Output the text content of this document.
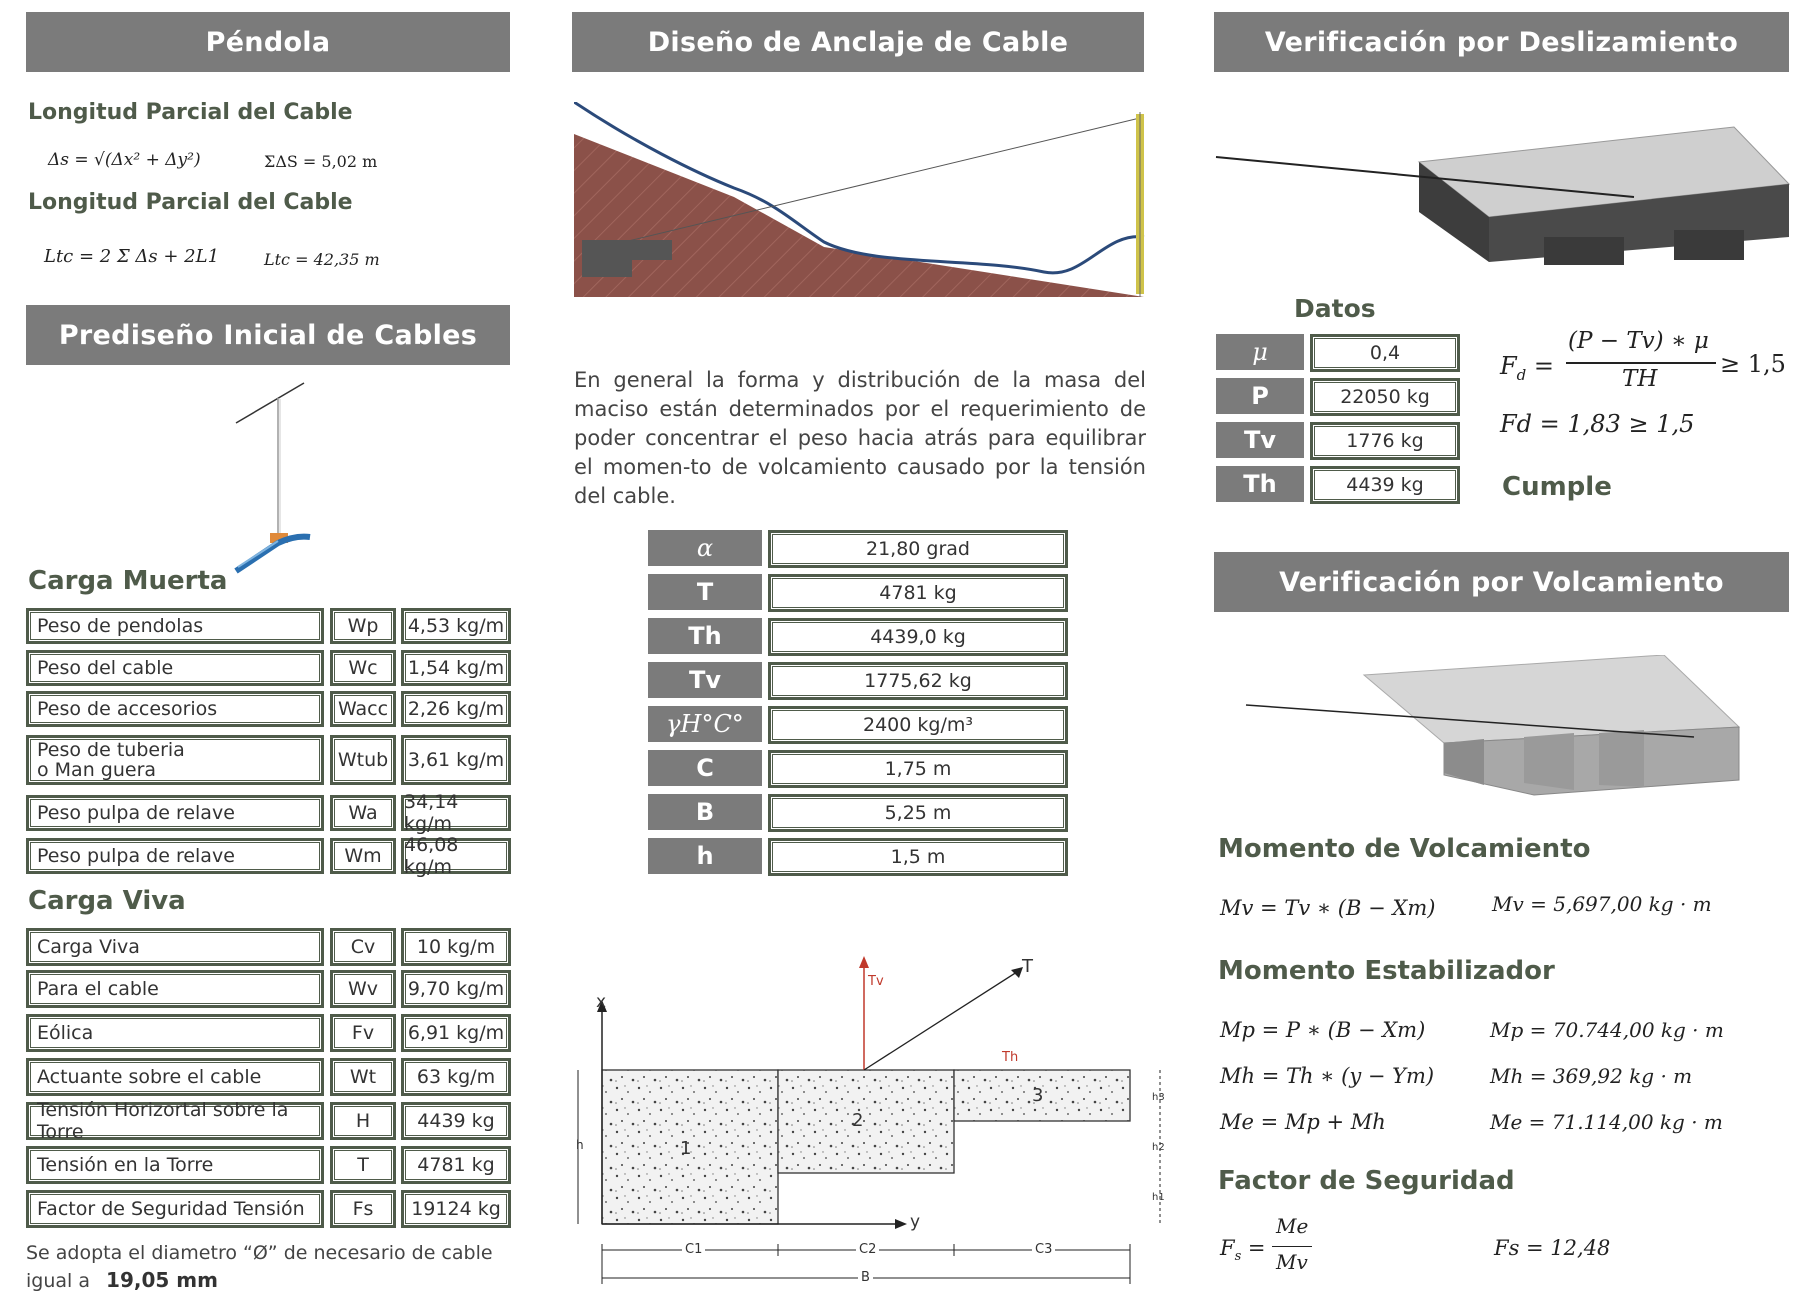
Péndola
Longitud Parcial del Cable
Δs = √(Δx² + Δy²)	ΣΔS = 5,02 m
Longitud Parcial del Cable
Ltc = 2 Σ Δs + 2L1	Ltc = 42,35 m
Prediseño Inicial de Cables
Carga Muerta
Carga Viva
Se adopta el diametro “Ø” de necesario de cable
igual a 19,05 mm
Diseño de Anclaje de Cable

En general la forma y distribución de la masa del maciso están determinados por el requerimiento de poder concentrar el peso hacia atrás para equilibrar el momen-to de volcamiento causado por la tensión del cable.

x
y
Tv
T
Th
1
2
3
h
h3
h2
h1
C1	C2	C3
B
Verificación por Deslizamiento
Datos
$F_d$ =
(P − Tv) ∗ μ
TH
≥ 1,5
Fd = 1,83 ≥ 1,5
Cumple
Verificación por Volcamiento
Momento de Volcamiento
Mv = Tv ∗ (B − Xm)	Mv = 5,697,00 kg · m
Momento Estabilizador
Mp = P ∗ (B − Xm)	Mp = 70.744,00 kg · m
Mh = Th ∗ (y − Ym)	Mh = 369,92 kg · m
Me = Mp + Mh	Me = 71.114,00 kg · m
Factor de Seguridad
$F_s$ =
Me
Mv
Fs = 12,48
Peso de pendolas	Wp	4,53 kg/m
Peso del cable	Wc	1,54 kg/m
Peso de accesorios	Wacc	2,26 kg/m
Peso de tuberia
o Man guera	Wtub	3,61 kg/m
Peso pulpa de relave	Wa	34,14 kg/m
Peso pulpa de relave	Wm	46,08 kg/m
Carga Viva	Cv	10 kg/m
Para el cable	Wv	9,70 kg/m
Eólica	Fv	6,91 kg/m
Actuante sobre el cable	Wt	63 kg/m
Tensión Horizortal sobre la Torre	H	4439 kg
Tensión en la Torre	T	4781 kg
Factor de Seguridad Tensión	Fs	19124 kg
α	21,80 grad
T	4781 kg
Th	4439,0 kg
Tv	1775,62 kg
γH°C°	2400 kg/m³
C	1,75 m
B	5,25 m
h	1,5 m
μ	0,4
P	22050 kg
Tv	1776 kg
Th	4439 kg
